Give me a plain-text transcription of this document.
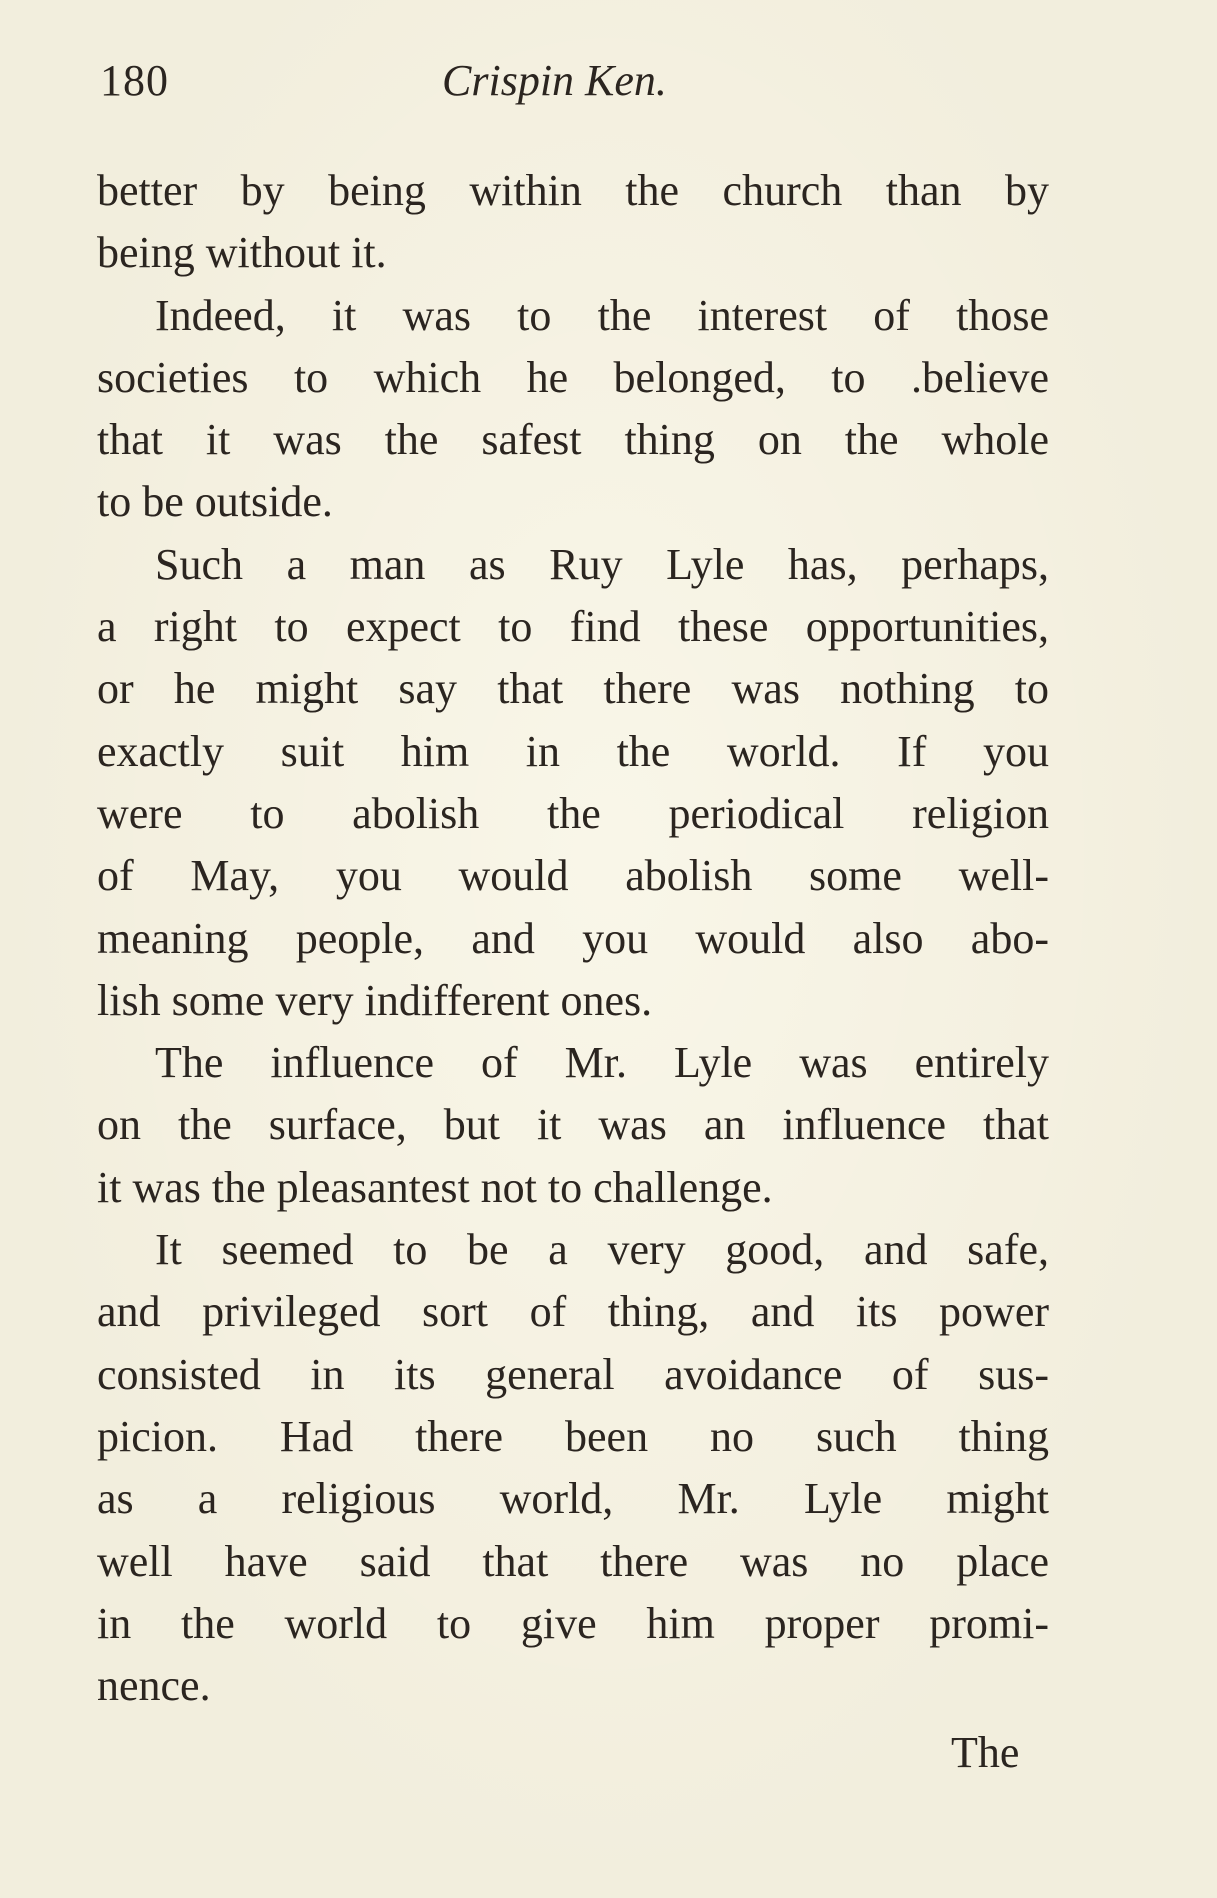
180	Crispin Ken.
better by being within the church than by
being without it.
Indeed, it was to the interest of those
societies to which he belonged, to .believe
that it was the safest thing on the whole
to be outside.
Such a man as Ruy Lyle has, perhaps,
a right to expect to find these opportunities,
or he might say that there was nothing to
exactly suit him in the world. If you
were to abolish the periodical religion
of May, you would abolish some well-
meaning people, and you would also abo-
lish some very indifferent ones.
The influence of Mr. Lyle was entirely
on the surface, but it was an influence that
it was the pleasantest not to challenge.
It seemed to be a very good, and safe,
and privileged sort of thing, and its power
consisted in its general avoidance of sus-
picion. Had there been no such thing
as a religious world, Mr. Lyle might
well have said that there was no place
in the world to give him proper promi-
nence.
The
